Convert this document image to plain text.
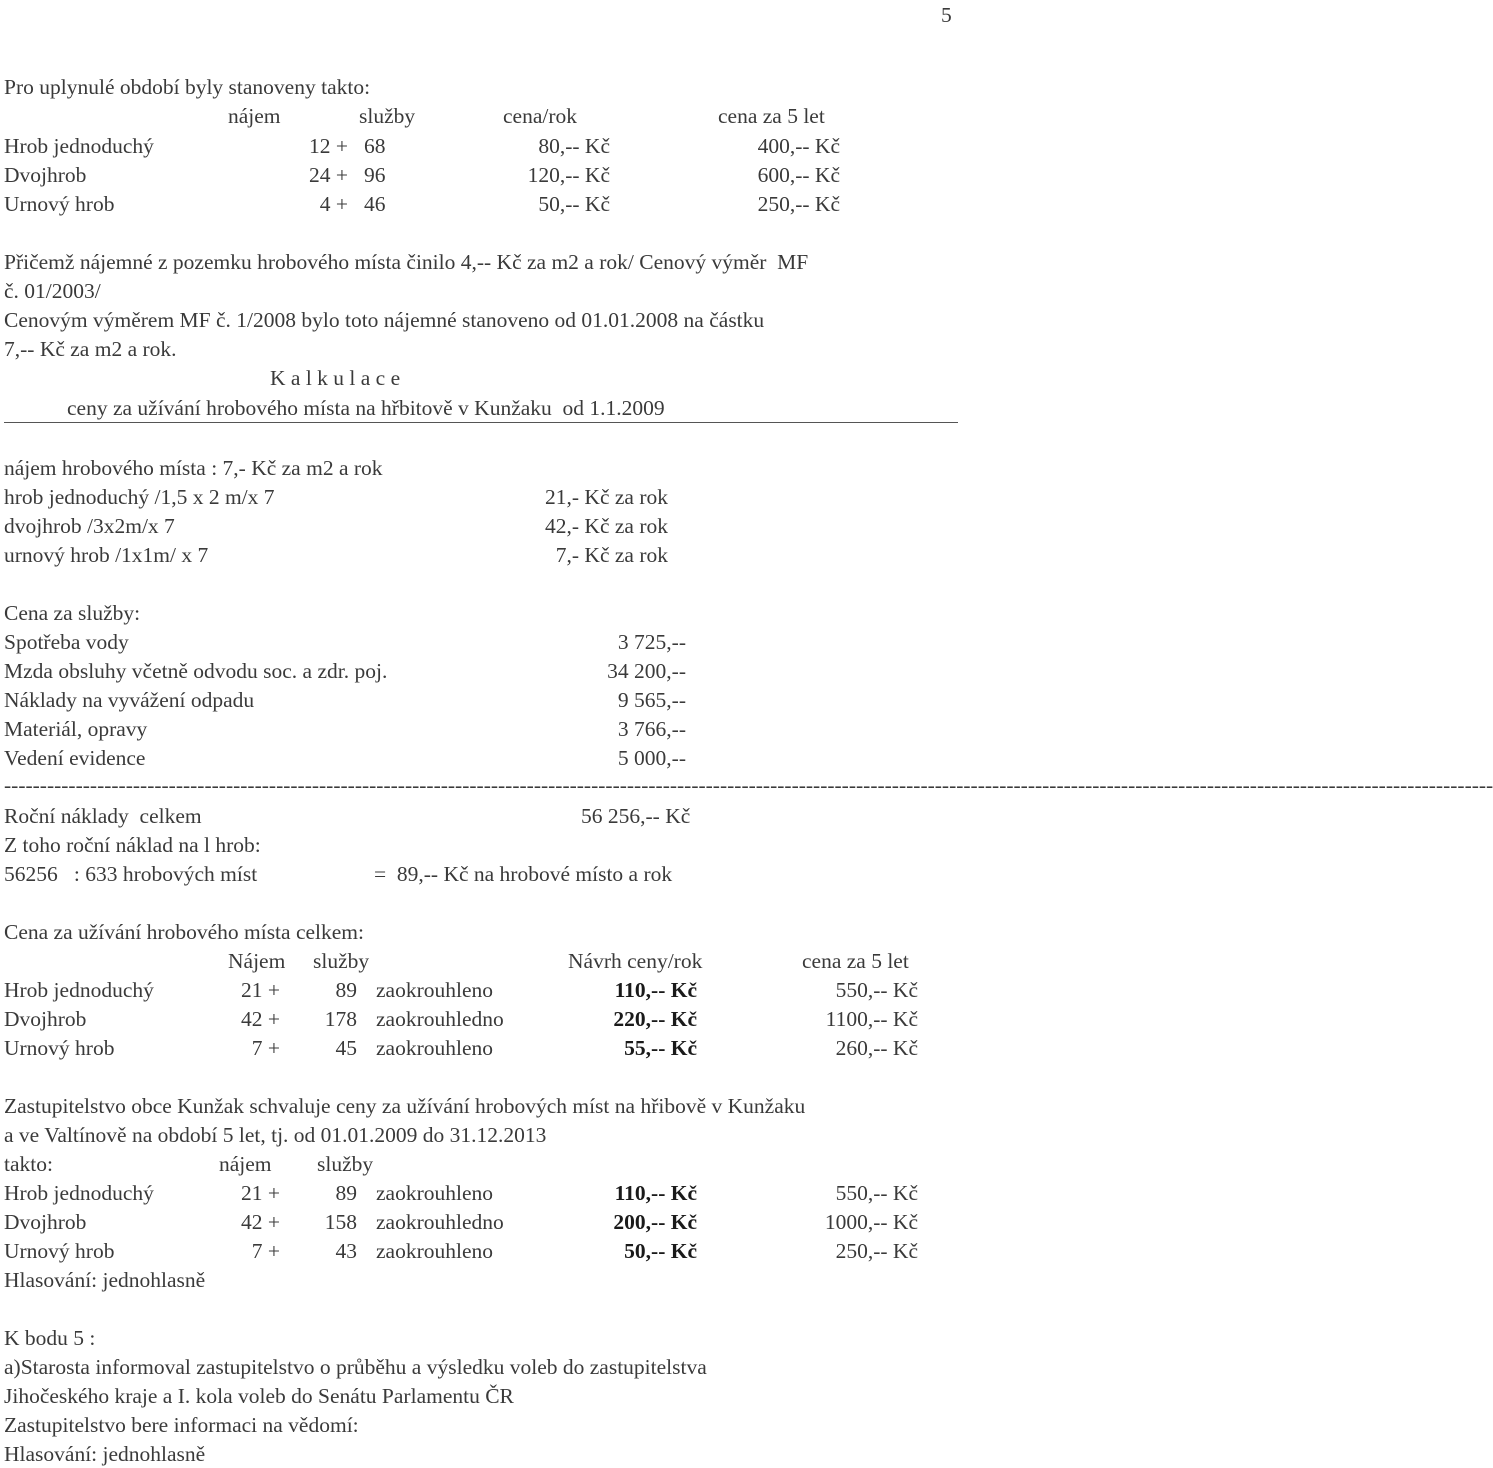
5
Pro uplynulé období byly stanoveny takto:
nájem	služby	cena/rok	cena za 5 let
Hrob jednoduchý	12 + 68	80,-- Kč	400,-- Kč
Dvojhrob	24 + 96	120,-- Kč	600,-- Kč
Urnový hrob	4 + 46	50,-- Kč	250,-- Kč
Přičemž nájemné z pozemku hrobového místa činilo 4,-- Kč za m2 a rok/ Cenový výměr  MF
č. 01/2003/
Cenovým výměrem MF č. 1/2008 bylo toto nájemné stanoveno od 01.01.2008 na částku
7,-- Kč za m2 a rok.
K a l k u l a c e
ceny za užívání hrobového místa na hřbitově v Kunžaku  od 1.1.2009
nájem hrobového místa : 7,- Kč za m2 a rok
hrob jednoduchý /1,5 x 2 m/x 7	21,- Kč za rok
dvojhrob /3x2m/x 7	42,- Kč za rok
urnový hrob /1x1m/ x 7	7,- Kč za rok
Cena za služby:
Spotřeba vody	3 725,--
Mzda obsluhy včetně odvodu soc. a zdr. poj.	34 200,--
Náklady na vyvážení odpadu	9 565,--
Materiál, opravy	3 766,--
Vedení evidence	5 000,--
----------------------------------------------------------------------------------------------------------------------------------------------------------------------------------------------------------------
Roční náklady  celkem	56 256,-- Kč
Z toho roční náklad na l hrob:
56256   : 633 hrobových míst	=  89,-- Kč na hrobové místo a rok
Cena za užívání hrobového místa celkem:
Nájem služby	Návrh ceny/rok	cena za 5 let
Hrob jednoduchý	21 +	89 zaokrouhleno	110,-- Kč	550,-- Kč
Dvojhrob	42 +	178 zaokrouhledno	220,-- Kč	1100,-- Kč
Urnový hrob	7 +	45 zaokrouhleno	55,-- Kč	260,-- Kč
Zastupitelstvo obce Kunžak schvaluje ceny za užívání hrobových míst na hřibově v Kunžaku
a ve Valtínově na období 5 let, tj. od 01.01.2009 do 31.12.2013
takto:	nájem služby
Hrob jednoduchý	21 +	89 zaokrouhleno	110,-- Kč	550,-- Kč
Dvojhrob	42 +	158 zaokrouhledno	200,-- Kč	1000,-- Kč
Urnový hrob	7 +	43 zaokrouhleno	50,-- Kč	250,-- Kč
Hlasování: jednohlasně
K bodu 5 :
a)Starosta informoval zastupitelstvo o průběhu a výsledku voleb do zastupitelstva
Jihočeského kraje a I. kola voleb do Senátu Parlamentu ČR
Zastupitelstvo bere informaci na vědomí:
Hlasování: jednohlasně
